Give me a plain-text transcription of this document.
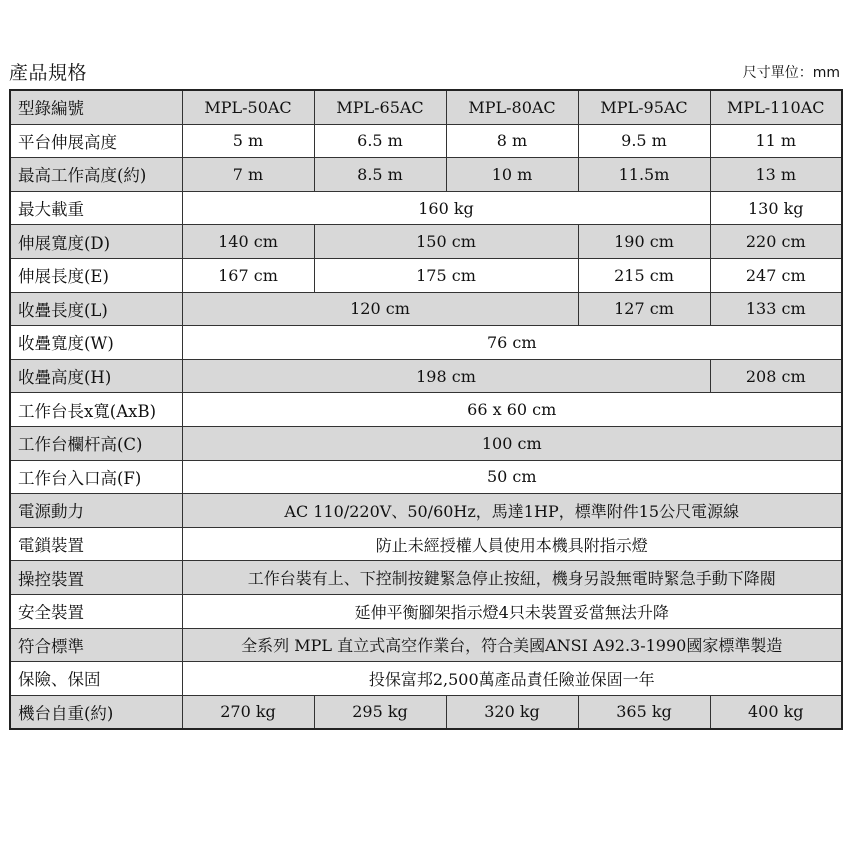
產品規格	尺寸單位：mm
型錄編號	MPL-50AC	MPL-65AC	MPL-80AC	MPL-95AC	MPL-110AC
平台伸展高度	5 m	6.5 m	8 m	9.5 m	11 m
最高工作高度(約)	7 m	8.5 m	10 m	11.5m	13 m
最大載重	160 kg				130 kg
伸展寬度(D)	140 cm	150 cm		190 cm	220 cm
伸展長度(E)	167 cm	175 cm		215 cm	247 cm
收疊長度(L)	120 cm			127 cm	133 cm
收疊寬度(W)	76 cm				
收疊高度(H)	198 cm				208 cm
工作台長x寬(AxB)	66 x 60 cm				
工作台欄杆高(C)	100 cm				
工作台入口高(F)	50 cm				
電源動力	AC 110/220V、50/60Hz，馬達1HP，標準附件15公尺電源線				
電鎖裝置	防止未經授權人員使用本機具附指示燈				
操控裝置	工作台裝有上、下控制按鍵緊急停止按紐，機身另設無電時緊急手動下降閥				
安全裝置	延伸平衡腳架指示燈4只未裝置妥當無法升降				
符合標準	全系列 MPL 直立式高空作業台，符合美國ANSI A92.3-1990國家標準製造				
保險、保固	投保富邦2,500萬產品責任險並保固一年				
機台自重(約)	270 kg	295 kg	320 kg	365 kg	400 kg
